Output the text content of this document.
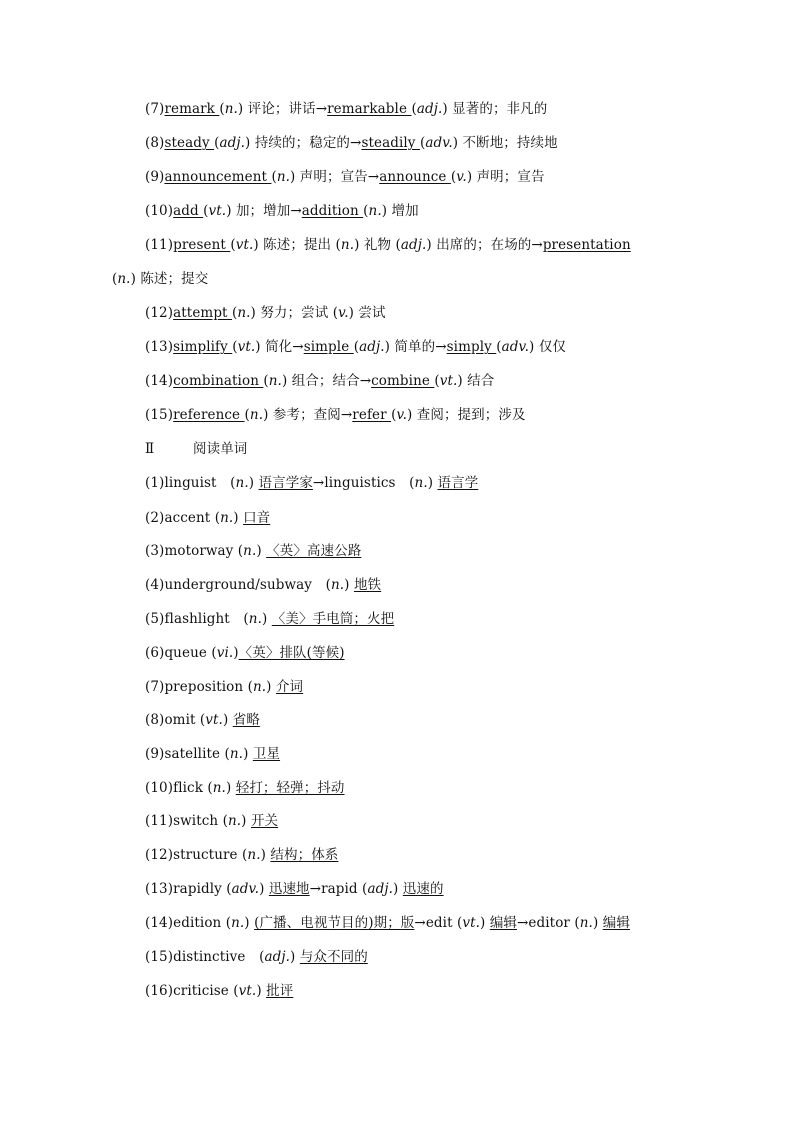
(7)remark (n.) 评论；讲话→remarkable (adj.) 显著的；非凡的
(8)steady (adj.) 持续的；稳定的→steadily (adv.) 不断地；持续地
(9)announcement (n.) 声明；宣告→announce (v.) 声明；宣告
(10)add (vt.) 加；增加→addition (n.) 增加
(11)present (vt.) 陈述；提出 (n.) 礼物 (adj.) 出席的；在场的→presentation
(n.) 陈述；提交
(12)attempt (n.) 努力；尝试 (v.) 尝试
(13)simplify (vt.) 简化→simple (adj.) 简单的→simply (adv.) 仅仅
(14)combination (n.) 组合；结合→combine (vt.) 结合
(15)reference (n.) 参考；查阅→refer (v.) 查阅；提到；涉及
Ⅱ	阅读单词
(1)linguist　(n.) 语言学家→linguistics　(n.) 语言学
(2)accent (n.) 口音
(3)motorway (n.) 〈英〉高速公路
(4)underground/subway　(n.) 地铁
(5)flashlight　(n.) 〈美〉手电筒；火把
(6)queue (vi.)〈英〉排队(等候)
(7)preposition (n.) 介词
(8)omit (vt.) 省略
(9)satellite (n.) 卫星
(10)flick (n.) 轻打；轻弹；抖动
(11)switch (n.) 开关
(12)structure (n.) 结构；体系
(13)rapidly (adv.) 迅速地→rapid (adj.) 迅速的
(14)edition (n.) (广播、电视节目的)期；版→edit (vt.) 编辑→editor (n.) 编辑
(15)distinctive　(adj.) 与众不同的
(16)criticise (vt.) 批评
